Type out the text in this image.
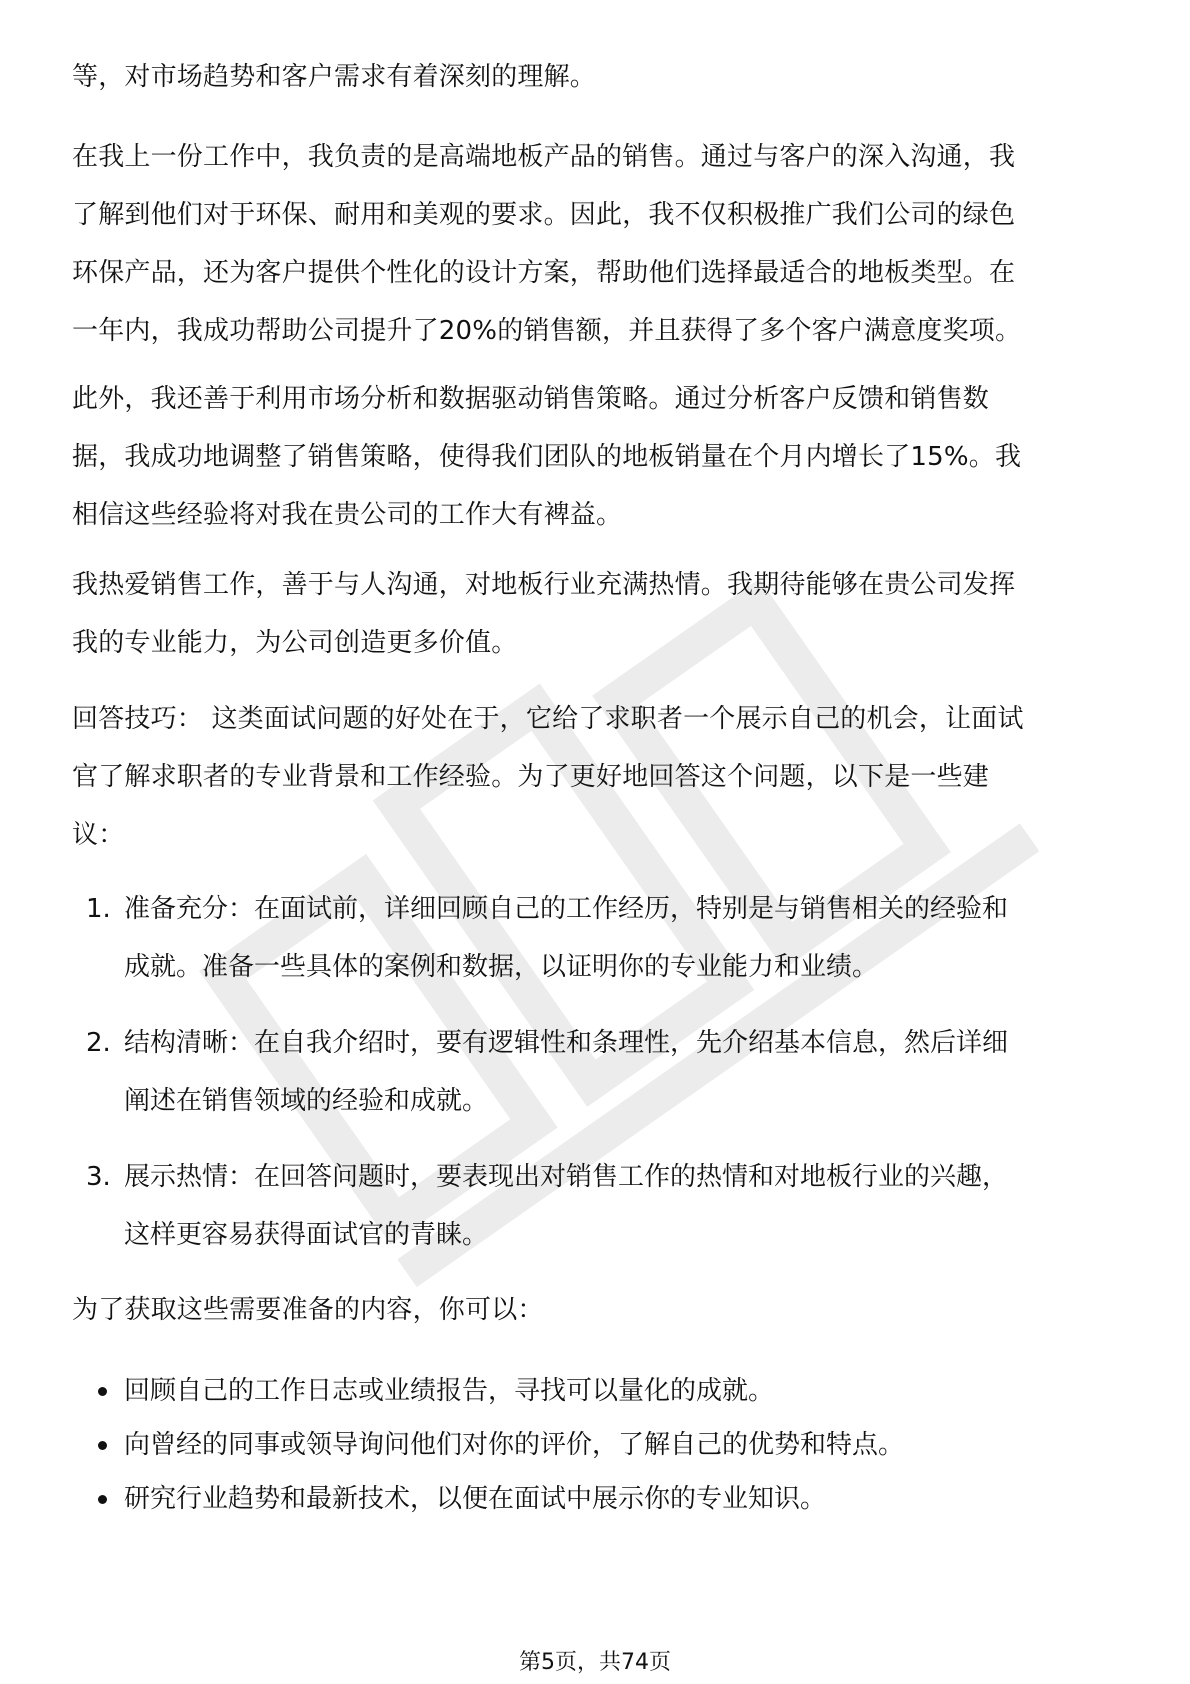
等，对市场趋势和客户需求有着深刻的理解。
在我上一份工作中，我负责的是高端地板产品的销售。通过与客户的深入沟通，我
了解到他们对于环保、耐用和美观的要求。因此，我不仅积极推广我们公司的绿色
环保产品，还为客户提供个性化的设计方案，帮助他们选择最适合的地板类型。在
一年内，我成功帮助公司提升了20%的销售额，并且获得了多个客户满意度奖项。
此外，我还善于利用市场分析和数据驱动销售策略。通过分析客户反馈和销售数
据，我成功地调整了销售策略，使得我们团队的地板销量在个月内增长了15%。我
相信这些经验将对我在贵公司的工作大有裨益。
我热爱销售工作，善于与人沟通，对地板行业充满热情。我期待能够在贵公司发挥
我的专业能力，为公司创造更多价值。
回答技巧： 这类面试问题的好处在于，它给了求职者一个展示自己的机会，让面试
官了解求职者的专业背景和工作经验。为了更好地回答这个问题，以下是一些建
议：
1. 准备充分：在面试前，详细回顾自己的工作经历，特别是与销售相关的经验和
成就。准备一些具体的案例和数据，以证明你的专业能力和业绩。
2. 结构清晰：在自我介绍时，要有逻辑性和条理性，先介绍基本信息，然后详细
阐述在销售领域的经验和成就。
3. 展示热情：在回答问题时，要表现出对销售工作的热情和对地板行业的兴趣，
这样更容易获得面试官的青睐。
为了获取这些需要准备的内容，你可以：
回顾自己的工作日志或业绩报告，寻找可以量化的成就。
向曾经的同事或领导询问他们对你的评价，了解自己的优势和特点。
研究行业趋势和最新技术，以便在面试中展示你的专业知识。
第5页，共74页
